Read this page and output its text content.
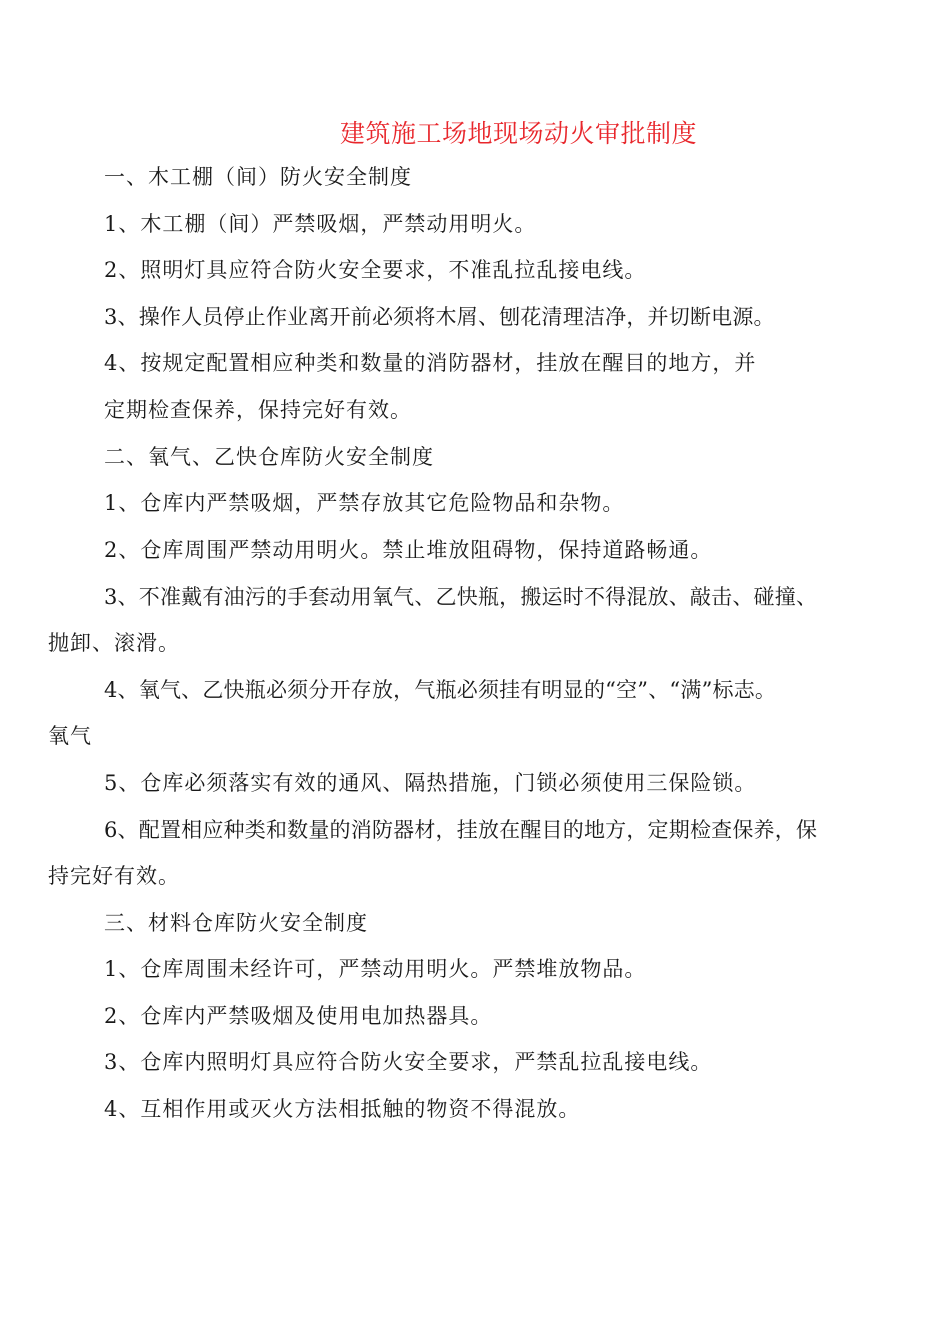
建筑施工场地现场动火审批制度
一、木工棚（间）防火安全制度
1、木工棚（间）严禁吸烟，严禁动用明火。
2、照明灯具应符合防火安全要求，不准乱拉乱接电线。
3、操作人员停止作业离开前必须将木屑、刨花清理洁净，并切断电源。
4、按规定配置相应种类和数量的消防器材，挂放在醒目的地方，并
定期检查保养，保持完好有效。
二、氧气、乙快仓库防火安全制度
1、仓库内严禁吸烟，严禁存放其它危险物品和杂物。
2、仓库周围严禁动用明火。禁止堆放阻碍物，保持道路畅通。
3、不准戴有油污的手套动用氧气、乙快瓶，搬运时不得混放、敲击、碰撞、
抛卸、滚滑。
4、氧气、乙快瓶必须分开存放，气瓶必须挂有明显的“空”、“满”标志。
氧气
5、仓库必须落实有效的通风、隔热措施，门锁必须使用三保险锁。
6、配置相应种类和数量的消防器材，挂放在醒目的地方，定期检查保养，保
持完好有效。
三、材料仓库防火安全制度
1、仓库周围未经许可，严禁动用明火。严禁堆放物品。
2、仓库内严禁吸烟及使用电加热器具。
3、仓库内照明灯具应符合防火安全要求，严禁乱拉乱接电线。
4、互相作用或灭火方法相抵触的物资不得混放。
